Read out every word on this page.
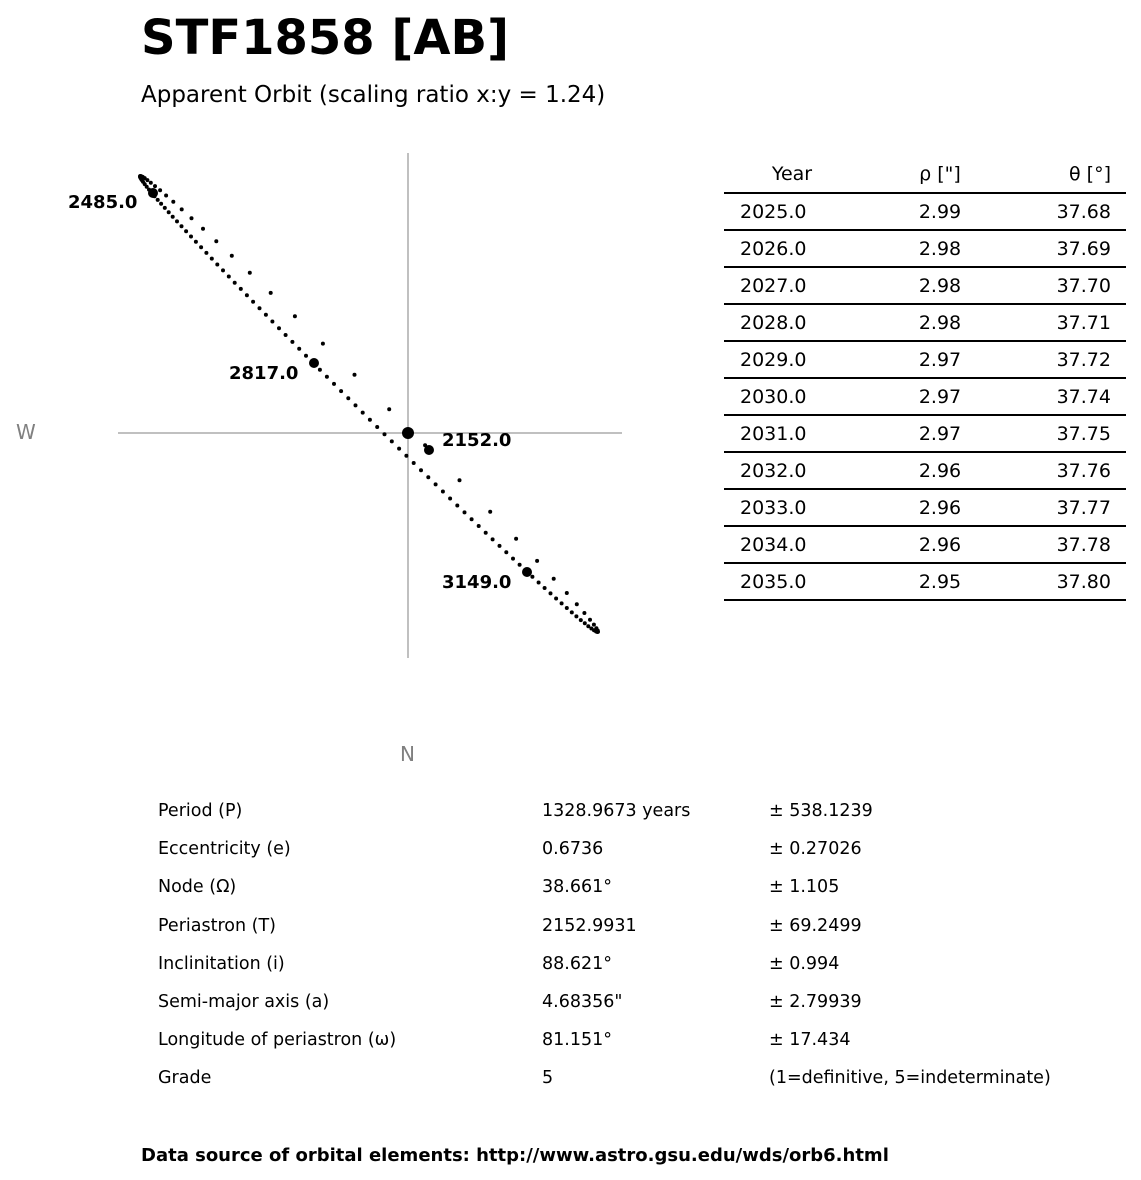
STF1858 [AB]
Apparent Orbit (scaling ratio x:y = 1.24)
W
N
2485.0
2817.0
2152.0
3149.0
Year	ρ ["]	θ [°]
2025.0	2.99	37.68
2026.0	2.98	37.69
2027.0	2.98	37.70
2028.0	2.98	37.71
2029.0	2.97	37.72
2030.0	2.97	37.74
2031.0	2.97	37.75
2032.0	2.96	37.76
2033.0	2.96	37.77
2034.0	2.96	37.78
2035.0	2.95	37.80
Period (P)	1328.9673 years	± 538.1239
Eccentricity (e)	0.6736	± 0.27026
Node (Ω)	38.661°	± 1.105
Periastron (T)	2152.9931	± 69.2499
Inclinitation (i)	88.621°	± 0.994
Semi-major axis (a)	4.68356"	± 2.79939
Longitude of periastron (ω)	81.151°	± 17.434
Grade	5	(1=definitive, 5=indeterminate)
Data source of orbital elements: http://www.astro.gsu.edu/wds/orb6.html
